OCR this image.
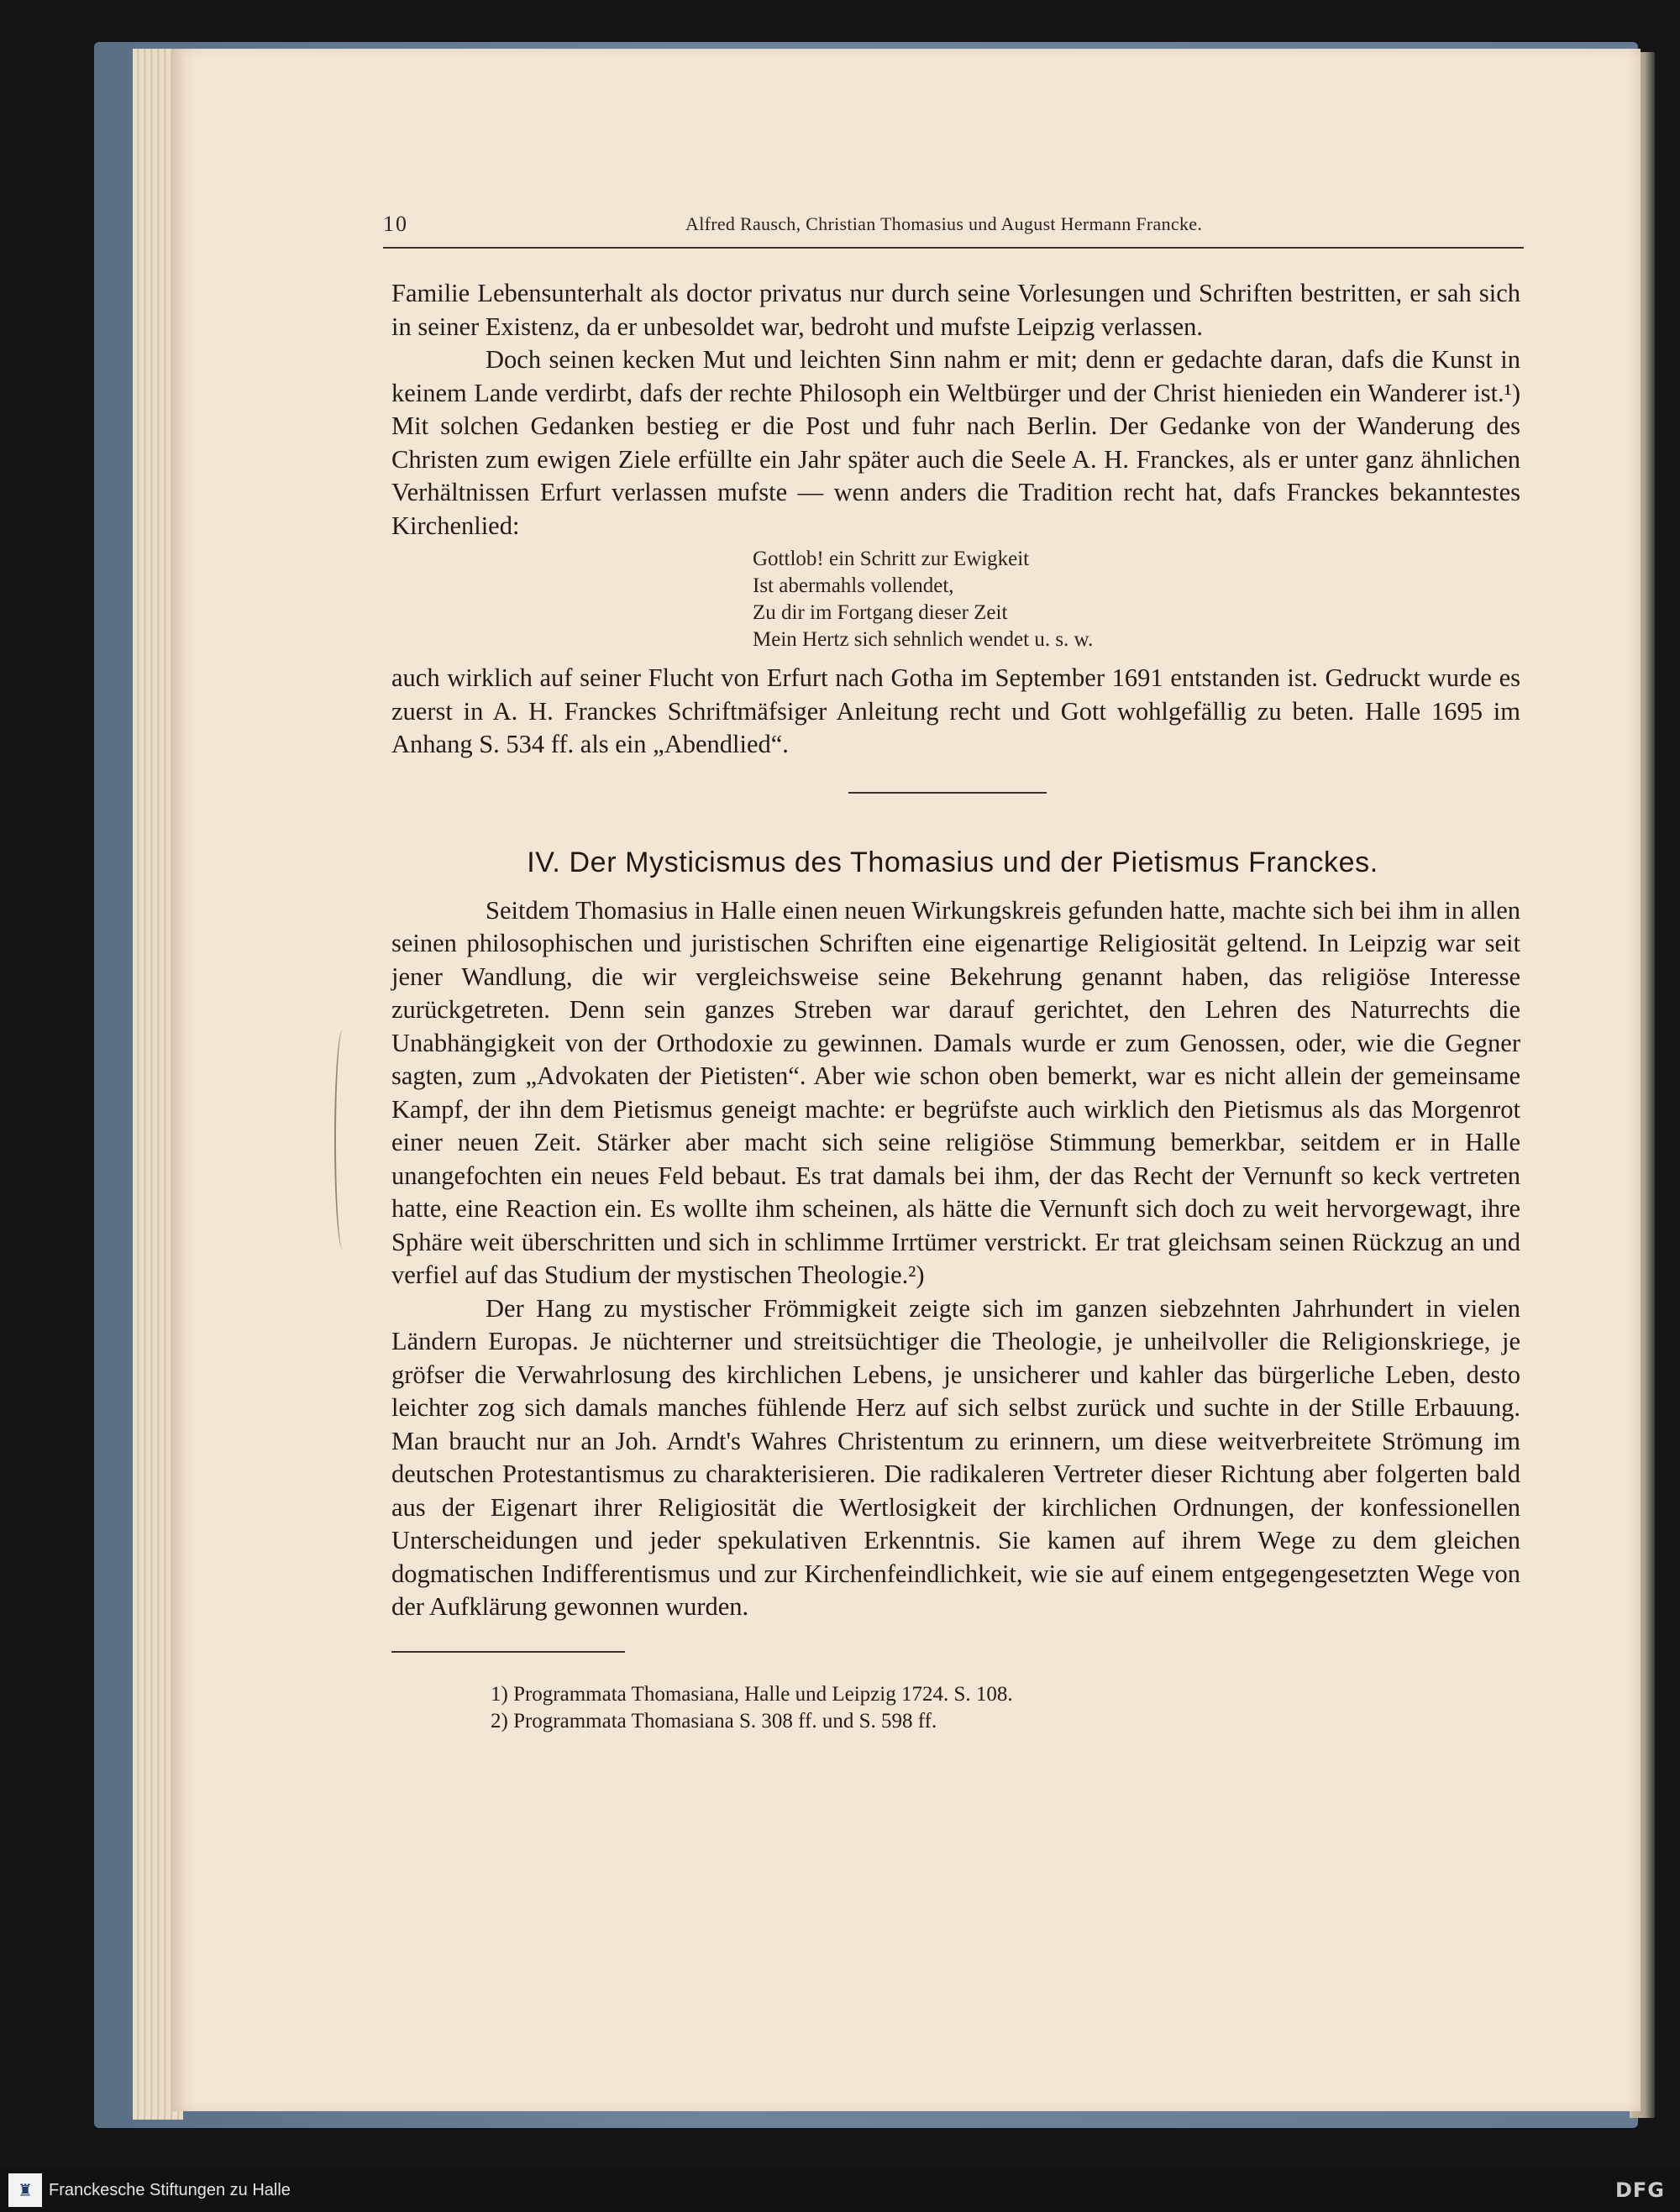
10	Alfred Rausch, Christian Thomasius und August Hermann Francke.

Familie Lebensunterhalt als doctor privatus nur durch seine Vorlesungen und Schriften bestritten, er sah sich in seiner Existenz, da er unbesoldet war, bedroht und mufste Leipzig verlassen.

Doch seinen kecken Mut und leichten Sinn nahm er mit; denn er gedachte daran, dafs die Kunst in keinem Lande verdirbt, dafs der rechte Philosoph ein Weltbürger und der Christ hienieden ein Wanderer ist.¹) Mit solchen Gedanken bestieg er die Post und fuhr nach Berlin. Der Gedanke von der Wanderung des Christen zum ewigen Ziele erfüllte ein Jahr später auch die Seele A. H. Franckes, als er unter ganz ähnlichen Verhältnissen Erfurt verlassen mufste — wenn anders die Tradition recht hat, dafs Franckes bekanntestes Kirchenlied:

Gottlob! ein Schritt zur Ewigkeit
Ist abermahls vollendet,
Zu dir im Fortgang dieser Zeit
Mein Hertz sich sehnlich wendet u. s. w.

auch wirklich auf seiner Flucht von Erfurt nach Gotha im September 1691 entstanden ist. Gedruckt wurde es zuerst in A. H. Franckes Schriftmäfsiger Anleitung recht und Gott wohlgefällig zu beten. Halle 1695 im Anhang S. 534 ff. als ein „Abendlied“.

IV. Der Mysticismus des Thomasius und der Pietismus Franckes.

Seitdem Thomasius in Halle einen neuen Wirkungskreis gefunden hatte, machte sich bei ihm in allen seinen philosophischen und juristischen Schriften eine eigenartige Religiosität geltend. In Leipzig war seit jener Wandlung, die wir vergleichsweise seine Bekehrung genannt haben, das religiöse Interesse zurückgetreten. Denn sein ganzes Streben war darauf gerichtet, den Lehren des Naturrechts die Unabhängigkeit von der Orthodoxie zu gewinnen. Damals wurde er zum Genossen, oder, wie die Gegner sagten, zum „Advokaten der Pietisten“. Aber wie schon oben bemerkt, war es nicht allein der gemeinsame Kampf, der ihn dem Pietismus geneigt machte: er begrüfste auch wirklich den Pietismus als das Morgenrot einer neuen Zeit. Stärker aber macht sich seine religiöse Stimmung bemerkbar, seitdem er in Halle unangefochten ein neues Feld bebaut. Es trat damals bei ihm, der das Recht der Vernunft so keck vertreten hatte, eine Reaction ein. Es wollte ihm scheinen, als hätte die Vernunft sich doch zu weit hervorgewagt, ihre Sphäre weit überschritten und sich in schlimme Irrtümer verstrickt. Er trat gleichsam seinen Rückzug an und verfiel auf das Studium der mystischen Theologie.²)

Der Hang zu mystischer Frömmigkeit zeigte sich im ganzen siebzehnten Jahrhundert in vielen Ländern Europas. Je nüchterner und streitsüchtiger die Theologie, je unheilvoller die Religionskriege, je gröfser die Verwahrlosung des kirchlichen Lebens, je unsicherer und kahler das bürgerliche Leben, desto leichter zog sich damals manches fühlende Herz auf sich selbst zurück und suchte in der Stille Erbauung. Man braucht nur an Joh. Arndt's Wahres Christentum zu erinnern, um diese weitverbreitete Strömung im deutschen Protestantismus zu charakterisieren. Die radikaleren Vertreter dieser Richtung aber folgerten bald aus der Eigenart ihrer Religiosität die Wertlosigkeit der kirchlichen Ordnungen, der konfessionellen Unterscheidungen und jeder spekulativen Erkenntnis. Sie kamen auf ihrem Wege zu dem gleichen dogmatischen Indifferentismus und zur Kirchenfeindlichkeit, wie sie auf einem entgegengesetzten Wege von der Aufklärung gewonnen wurden.

1) Programmata Thomasiana, Halle und Leipzig 1724. S. 108.
2) Programmata Thomasiana S. 308 ff. und S. 598 ff.
♜ Franckesche Stiftungen zu Halle	DFG
